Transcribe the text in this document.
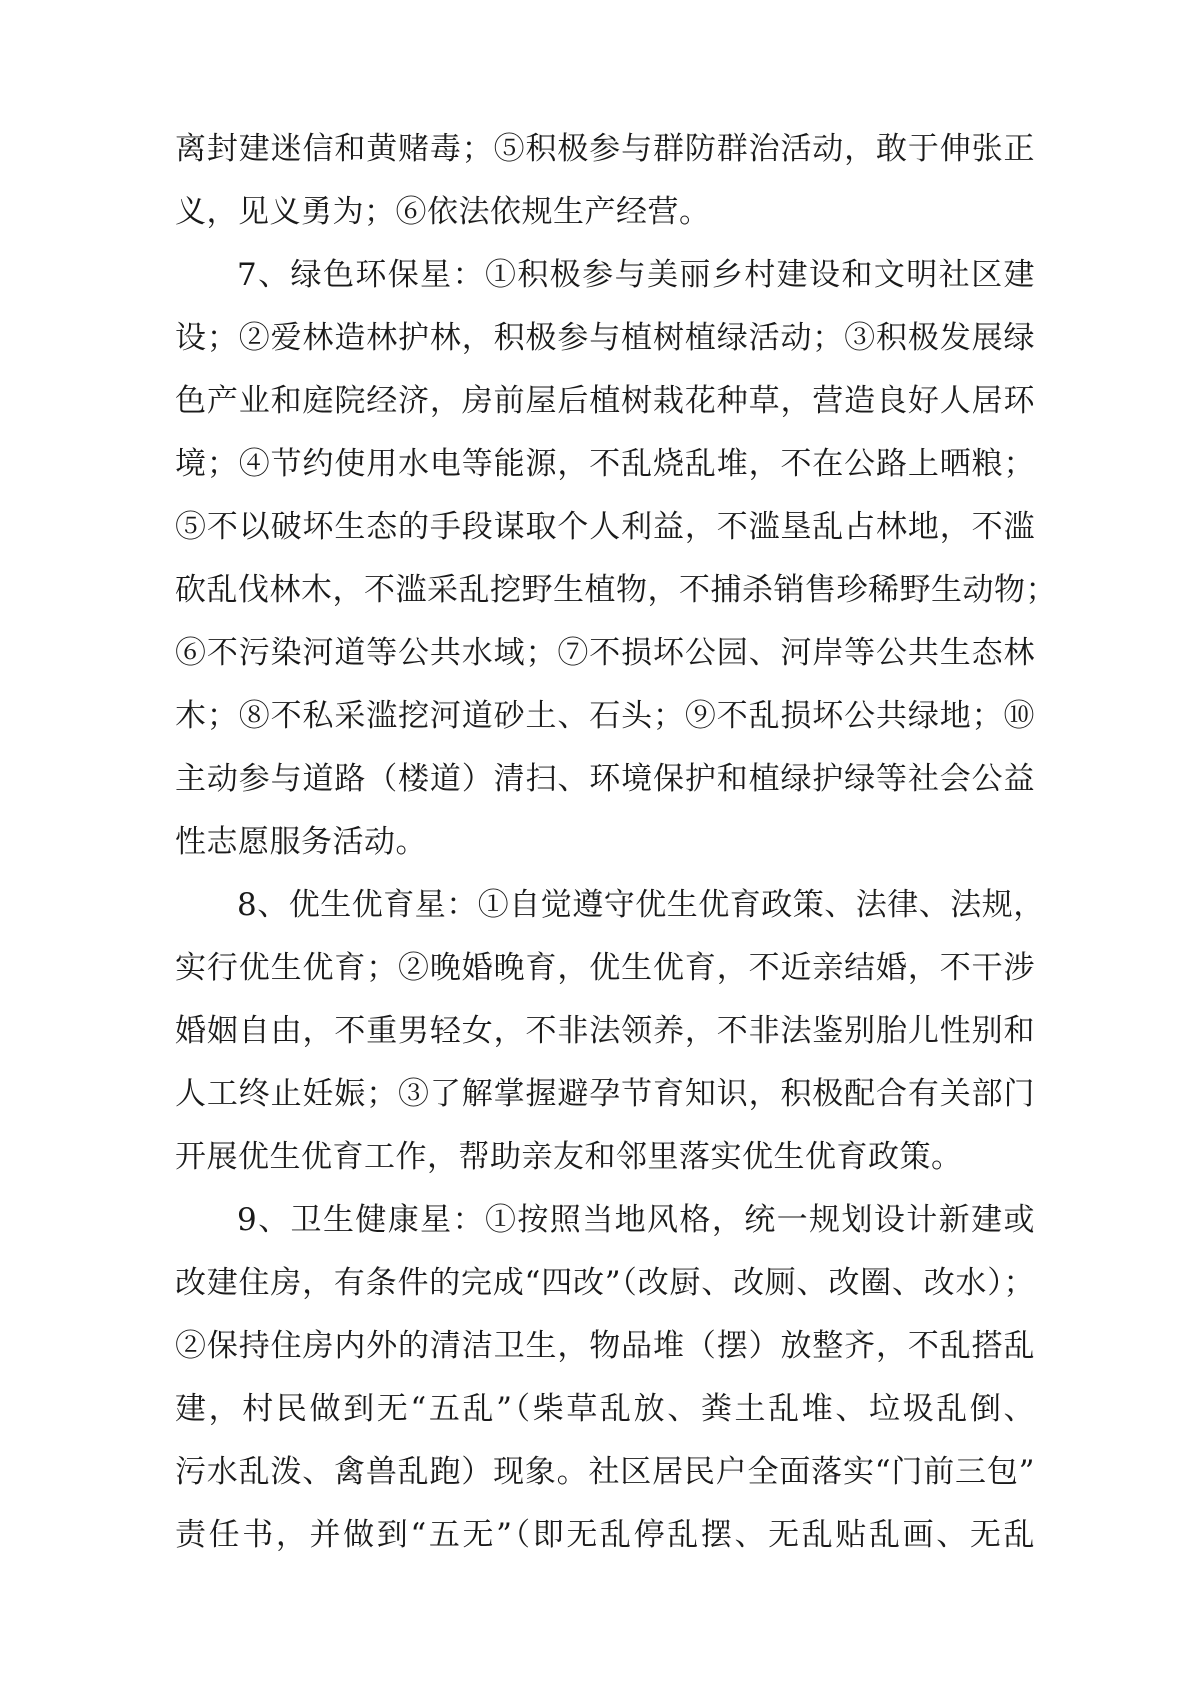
离封建迷信和黄赌毒；⑤积极参与群防群治活动，敢于伸张正
义，见义勇为；⑥依法依规生产经营。
7、绿色环保星：①积极参与美丽乡村建设和文明社区建
设；②爱林造林护林，积极参与植树植绿活动；③积极发展绿
色产业和庭院经济，房前屋后植树栽花种草，营造良好人居环
境；④节约使用水电等能源，不乱烧乱堆，不在公路上晒粮；
⑤不以破坏生态的手段谋取个人利益，不滥垦乱占林地，不滥
砍乱伐林木，不滥采乱挖野生植物，不捕杀销售珍稀野生动物；
⑥不污染河道等公共水域；⑦不损坏公园、河岸等公共生态林
木；⑧不私采滥挖河道砂土、石头；⑨不乱损坏公共绿地；⑩
主动参与道路（楼道）清扫、环境保护和植绿护绿等社会公益
性志愿服务活动。
8、优生优育星：①自觉遵守优生优育政策、法律、法规，
实行优生优育；②晚婚晚育，优生优育，不近亲结婚，不干涉
婚姻自由，不重男轻女，不非法领养，不非法鉴别胎儿性别和
人工终止妊娠；③了解掌握避孕节育知识，积极配合有关部门
开展优生优育工作，帮助亲友和邻里落实优生优育政策。
9、卫生健康星：①按照当地风格，统一规划设计新建或
改建住房，有条件的完成“四改”（改厨、改厕、改圈、改水）；
②保持住房内外的清洁卫生，物品堆（摆）放整齐，不乱搭乱
建，村民做到无“五乱”（柴草乱放、粪土乱堆、垃圾乱倒、
污水乱泼、禽兽乱跑）现象。社区居民户全面落实“门前三包”
责任书，并做到“五无”（即无乱停乱摆、无乱贴乱画、无乱
